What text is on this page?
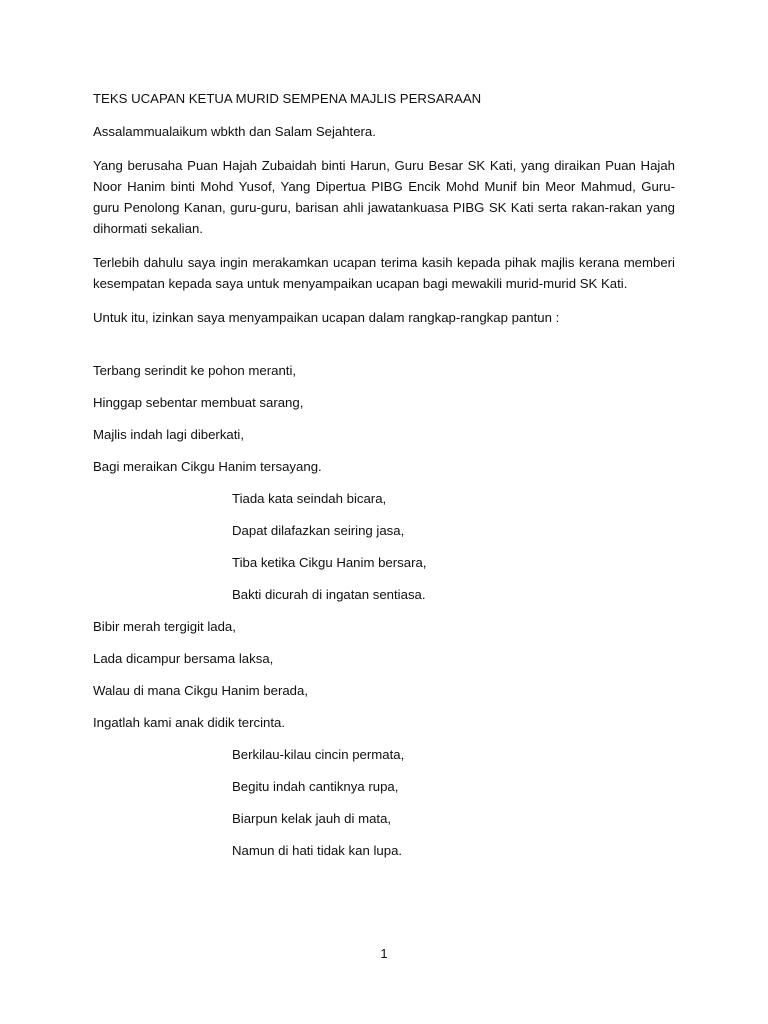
TEKS UCAPAN KETUA MURID SEMPENA MAJLIS PERSARAAN
Assalammualaikum wbkth dan Salam Sejahtera.
Yang berusaha Puan Hajah Zubaidah binti Harun, Guru Besar SK Kati, yang diraikan Puan Hajah Noor Hanim binti Mohd Yusof, Yang Dipertua PIBG Encik Mohd Munif bin Meor Mahmud, Guru-guru Penolong Kanan, guru-guru, barisan ahli jawatankuasa PIBG SK Kati serta rakan-rakan yang dihormati sekalian.
Terlebih dahulu saya ingin merakamkan ucapan terima kasih kepada pihak majlis kerana memberi kesempatan kepada saya untuk menyampaikan ucapan bagi mewakili murid-murid SK Kati.
Untuk itu, izinkan saya menyampaikan ucapan dalam rangkap-rangkap pantun :
Terbang serindit ke pohon meranti,
Hinggap sebentar membuat sarang,
Majlis indah lagi diberkati,
Bagi meraikan Cikgu Hanim tersayang.
Tiada kata seindah bicara,
Dapat dilafazkan seiring jasa,
Tiba ketika Cikgu Hanim bersara,
Bakti dicurah di ingatan sentiasa.
Bibir merah tergigit lada,
Lada dicampur bersama laksa,
Walau di mana Cikgu Hanim berada,
Ingatlah kami anak didik tercinta.
Berkilau-kilau cincin permata,
Begitu indah cantiknya rupa,
Biarpun kelak jauh di mata,
Namun di hati tidak kan lupa.
1
